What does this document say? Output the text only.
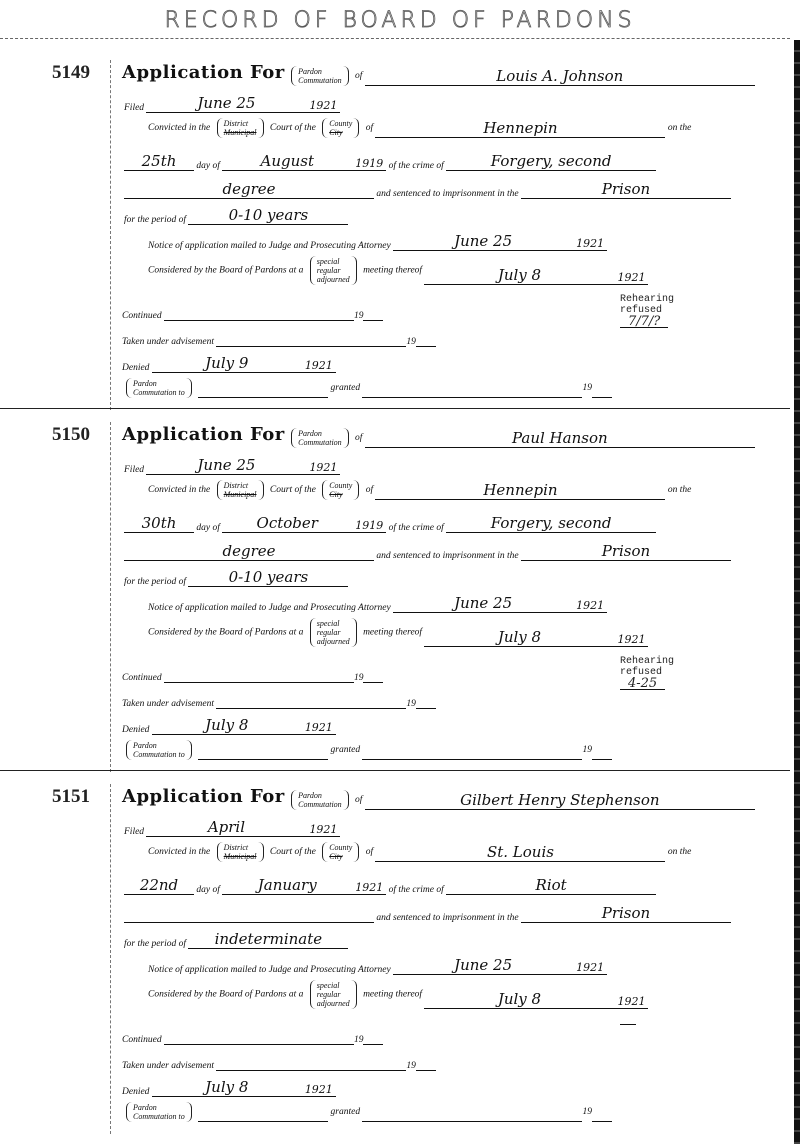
RECORD OF BOARD OF PARDONS
5149 Application For Pardon
Commutation of	Louis A. Johnson
Filed	June 25	1921
Convicted in the District
Municipal Court of the County
City of	Hennepin	on the
25th	day of	August	1919 of the crime of	Forgery, second
degree	and sentenced to imprisonment in the	Prison
for the period of	0-10 years
Notice of application mailed to Judge and Prosecuting Attorney	June 25	1921
Considered by the Board of Pardons at a special
regular
adjourned meeting thereof	July 8	1921
Rehearing
refused
7/7/?
Continued	19
Taken under advisement	19
Denied	July 9	1921
Pardon
Commutation to	granted	19
5150 Application For Pardon
Commutation of	Paul Hanson
Filed	June 25	1921
Convicted in the District
Municipal Court of the County
City of	Hennepin	on the
30th	day of	October	1919 of the crime of	Forgery, second
degree	and sentenced to imprisonment in the	Prison
for the period of	0-10 years
Notice of application mailed to Judge and Prosecuting Attorney	June 25	1921
Considered by the Board of Pardons at a special
regular
adjourned meeting thereof	July 8	1921
Rehearing
refused
4-25
Continued	19
Taken under advisement	19
Denied	July 8	1921
Pardon
Commutation to	granted	19
5151 Application For Pardon
Commutation of	Gilbert Henry Stephenson
Filed	April	1921
Convicted in the District
Municipal Court of the County
City of	St. Louis	on the
22nd	day of	January	1921 of the crime of	Riot
and sentenced to imprisonment in the	Prison
for the period of	indeterminate
Notice of application mailed to Judge and Prosecuting Attorney	June 25	1921
Considered by the Board of Pardons at a special
regular
adjourned meeting thereof	July 8	1921
Continued	19
Taken under advisement	19
Denied	July 8	1921
Pardon
Commutation to	granted	19
